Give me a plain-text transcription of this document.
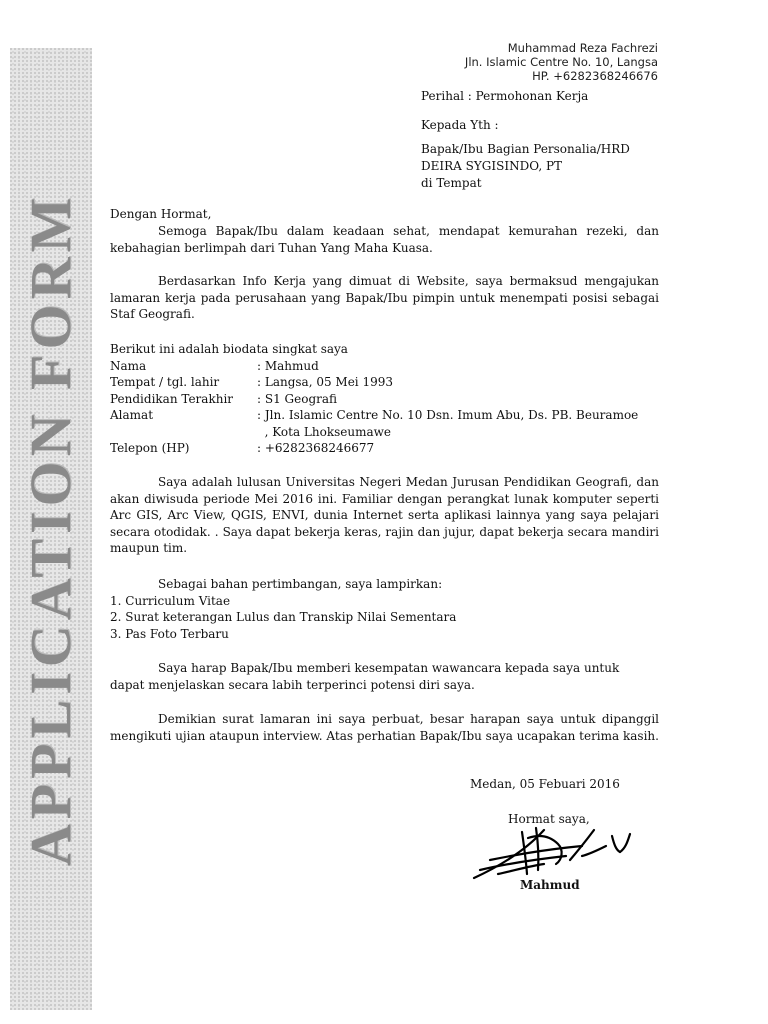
APPLICATION FORM
Muhammad Reza Fachrezi
Jln. Islamic Centre No. 10, Langsa
HP. +6282368246676
Perihal : Permohonan Kerja
Kepada Yth :
Bapak/Ibu Bagian Personalia/HRD
DEIRA SYGISINDO, PT
di Tempat
Dengan Hormat,
Semoga Bapak/Ibu dalam keadaan sehat, mendapat kemurahan rezeki, dan kebahagian berlimpah dari Tuhan Yang Maha Kuasa.
Berdasarkan Info Kerja yang dimuat di Website, saya bermaksud mengajukan lamaran kerja pada perusahaan yang Bapak/Ibu pimpin untuk menempati posisi sebagai Staf Geografi.
Berikut ini adalah biodata singkat saya
Nama	: Mahmud
Tempat / tgl. lahir	: Langsa, 05 Mei 1993
Pendidikan Terakhir	: S1 Geografi
Alamat	: Jln. Islamic Centre No. 10 Dsn. Imum Abu, Ds. PB. Beuramoe
, Kota Lhokseumawe
Telepon (HP)	: +6282368246677
Saya adalah lulusan Universitas Negeri Medan Jurusan Pendidikan Geografi, dan akan diwisuda periode Mei 2016 ini. Familiar dengan perangkat lunak komputer seperti Arc GIS, Arc View, QGIS, ENVI, dunia Internet serta aplikasi lainnya yang saya pelajari secara otodidak. . Saya dapat bekerja keras, rajin dan jujur, dapat bekerja secara mandiri maupun tim.
Sebagai bahan pertimbangan, saya lampirkan:
1. Curriculum Vitae
2. Surat keterangan Lulus dan Transkip Nilai Sementara
3. Pas Foto Terbaru
Saya harap Bapak/Ibu memberi kesempatan wawancara kepada saya untuk
dapat menjelaskan secara labih terperinci potensi diri saya.
Demikian surat lamaran ini saya perbuat, besar harapan saya untuk dipanggil mengikuti ujian ataupun interview. Atas perhatian Bapak/Ibu saya ucapakan terima kasih.
Medan, 05 Febuari 2016
Hormat saya,
Mahmud
